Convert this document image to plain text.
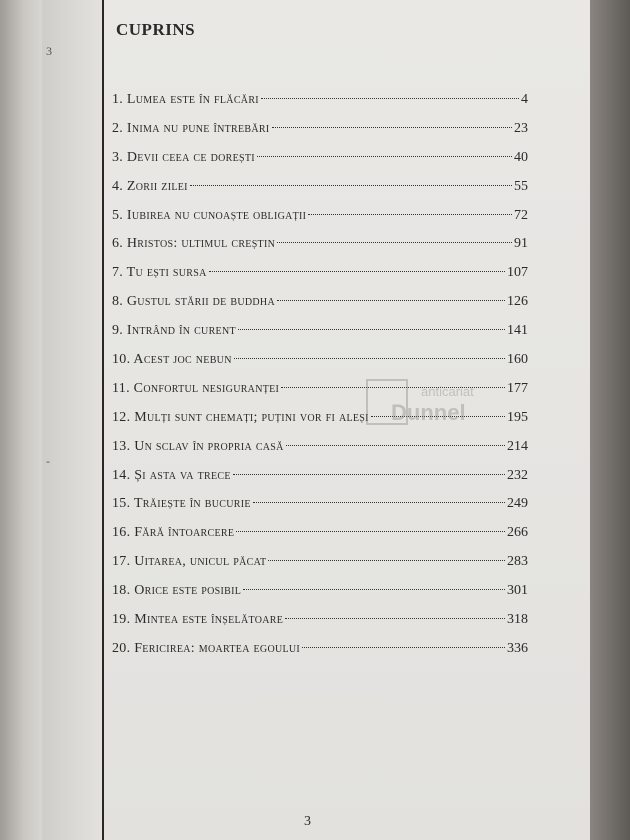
3
-
CUPRINS
1. Lumea este în flăcări	4
2. Inima nu pune întrebări	23
3. Devii ceea ce dorești	40
4. Zorii zilei	55
5. Iubirea nu cunoaște obligații	72
6. Hristos: ultimul creștin	91
7. Tu ești sursa	107
8. Gustul stării de buddha	126
9. Intrând în curent	141
10. Acest joc nebun	160
11. Confortul nesiguranței	177
12. Mulți sunt chemați; puțini vor fi aleși	195
13. Un sclav în propria casă	214
14. Și asta va trece	232
15. Trăiește în bucurie	249
16. Fără întoarcere	266
17. Uitarea, unicul păcat	283
18. Orice este posibil	301
19. Mintea este înșelătoare	318
20. Fericirea: moartea egoului	336
anticariat
Dunnel
3
